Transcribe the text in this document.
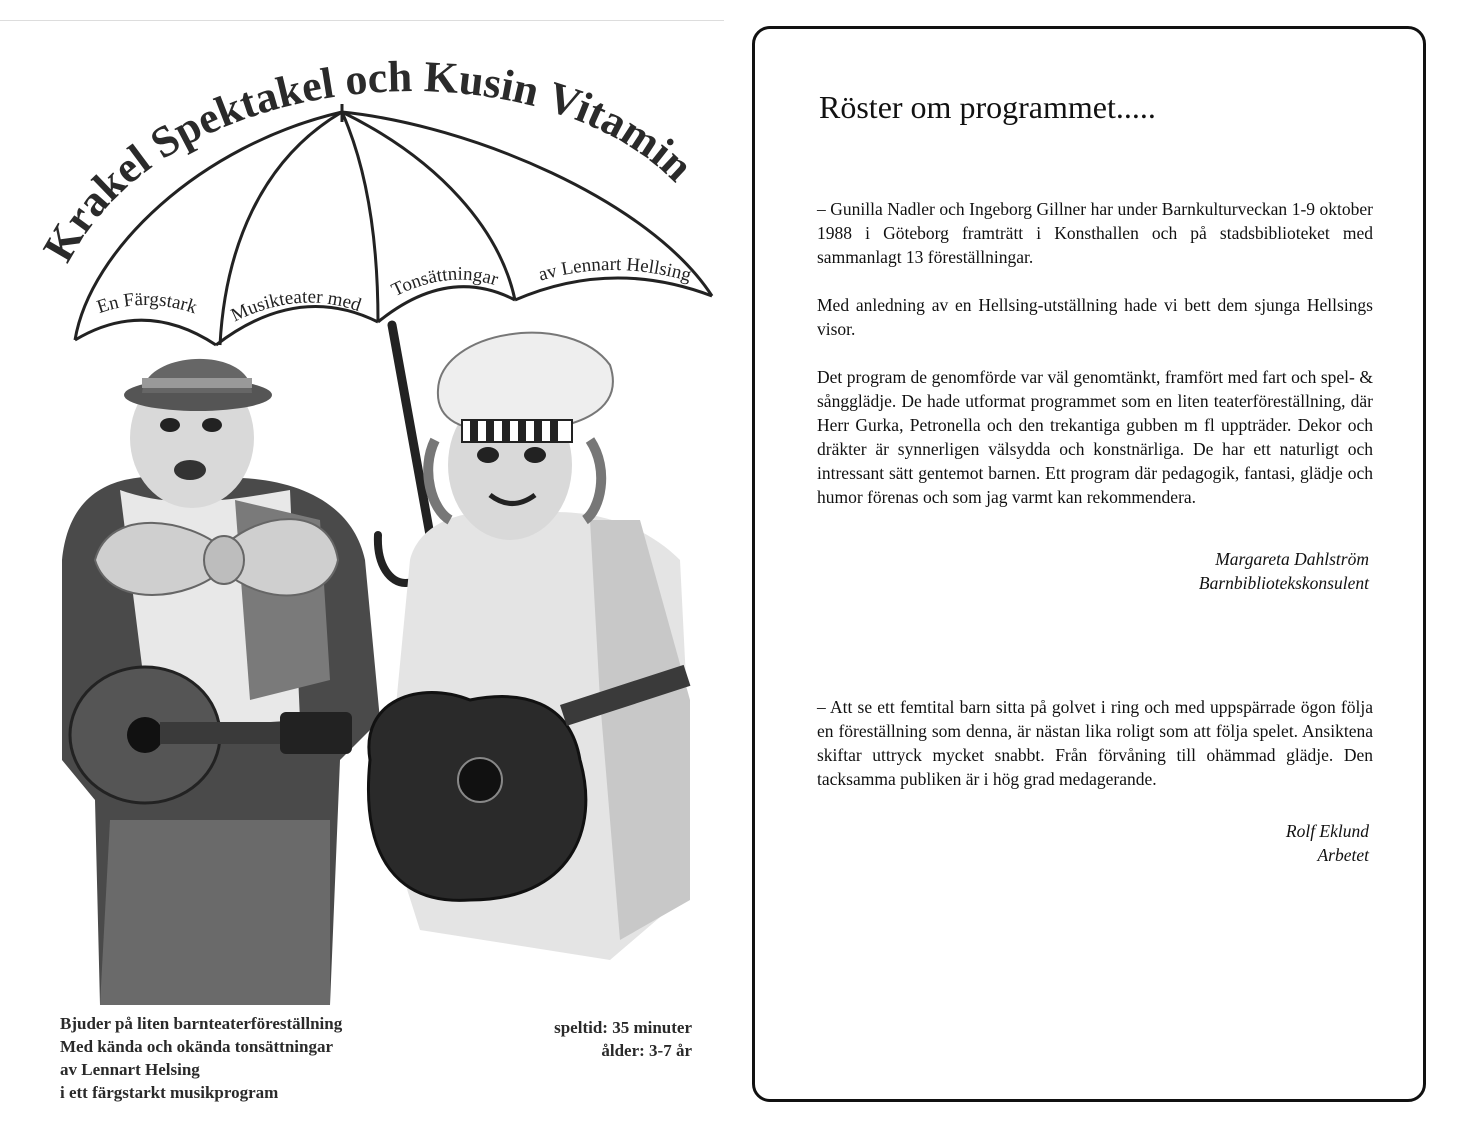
Krakel Spektakel och Kusin Vitamin
En Färgstark Musikteater med
Tonsättningar av Lennart Hellsing
Bjuder på liten barnteaterföreställning
Med kända och okända tonsättningar
av Lennart Helsing
i ett färgstarkt musikprogram
speltid: 35 minuter
ålder: 3-7 år
Röster om programmet.....

– Gunilla Nadler och Ingeborg Gillner har under Barnkulturveckan 1-9 oktober 1988 i Göteborg framträtt i Konsthallen och på stadsbiblioteket med sammanlagt 13 föreställningar.

Med anledning av en Hellsing-utställning hade vi bett dem sjunga Hellsings visor.

Det program de genomförde var väl genomtänkt, framfört med fart och spel- & sångglädje. De hade utformat programmet som en liten teaterföreställning, där Herr Gurka, Petronella och den trekantiga gubben m fl uppträder. Dekor och dräkter är synnerligen välsydda och konstnärliga. De har ett naturligt och intressant sätt gentemot barnen. Ett program där pedagogik, fantasi, glädje och humor förenas och som jag varmt kan rekommendera.

Margareta Dahlström
Barnbibliotekskonsulent

– Att se ett femtital barn sitta på golvet i ring och med uppspärrade ögon följa en föreställning som denna, är nästan lika roligt som att följa spelet. Ansiktena skiftar uttryck mycket snabbt. Från förvåning till ohämmad glädje. Den tacksamma publiken är i hög grad medagerande.

Rolf Eklund
Arbetet
